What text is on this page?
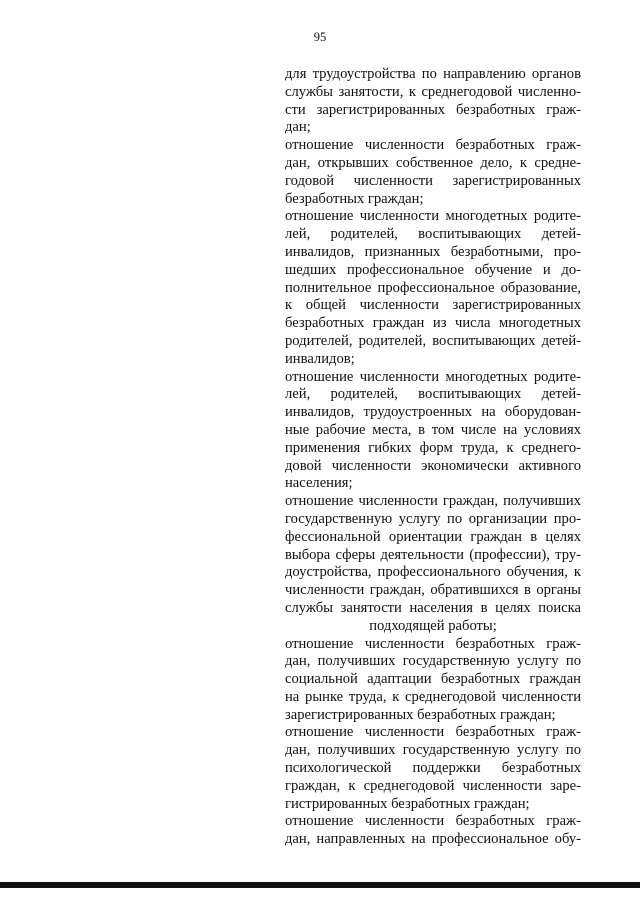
95
для трудоустройства по направлению органов
службы занятости, к среднегодовой численно-
сти зарегистрированных безработных граж-
дан;
отношение численности безработных граж-
дан, открывших собственное дело, к средне-
годовой численности зарегистрированных
безработных граждан;
отношение численности многодетных родите-
лей, родителей, воспитывающих детей-
инвалидов, признанных безработными, про-
шедших профессиональное обучение и до-
полнительное профессиональное образование,
к общей численности зарегистрированных
безработных граждан из числа многодетных
родителей, родителей, воспитывающих детей-
инвалидов;
отношение численности многодетных родите-
лей, родителей, воспитывающих детей-
инвалидов, трудоустроенных на оборудован-
ные рабочие места, в том числе на условиях
применения гибких форм труда, к среднего-
довой численности экономически активного
населения;
отношение численности граждан, получивших
государственную услугу по организации про-
фессиональной ориентации граждан в целях
выбора сферы деятельности (профессии), тру-
доустройства, профессионального обучения, к
численности граждан, обратившихся в органы
службы занятости населения в целях поиска
подходящей работы;
отношение численности безработных граж-
дан, получивших государственную услугу по
социальной адаптации безработных граждан
на рынке труда, к среднегодовой численности
зарегистрированных безработных граждан;
отношение численности безработных граж-
дан, получивших государственную услугу по
психологической поддержки безработных
граждан, к среднегодовой численности заре-
гистрированных безработных граждан;
отношение численности безработных граж-
дан, направленных на профессиональное обу-
